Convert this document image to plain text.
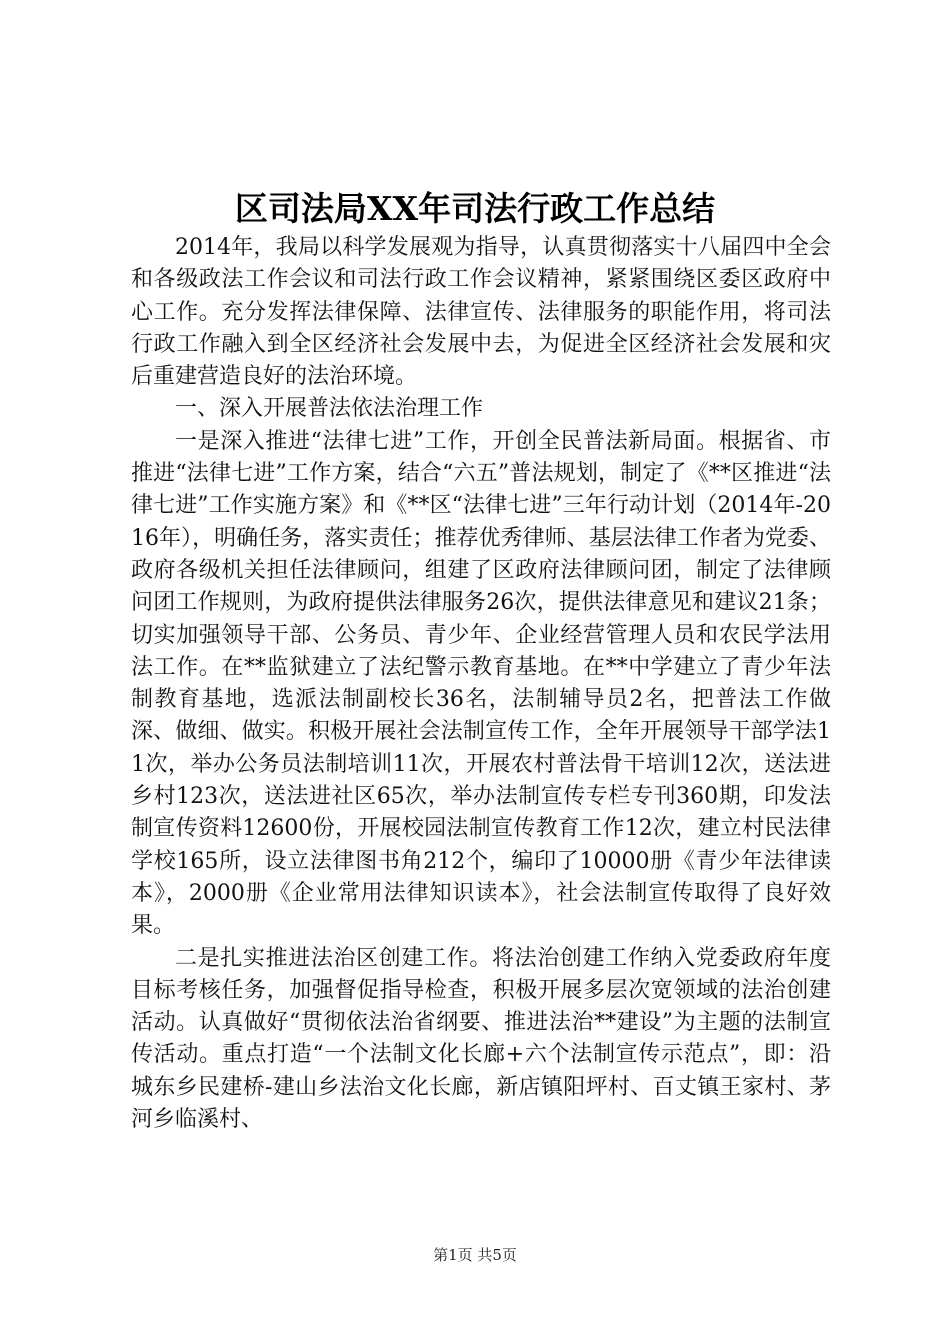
区司法局XX年司法行政工作总结

2014年，我局以科学发展观为指导，认真贯彻落实十八届四中全会和各级政法工作会议和司法行政工作会议精神，紧紧围绕区委区政府中心工作。充分发挥法律保障、法律宣传、法律服务的职能作用，将司法行政工作融入到全区经济社会发展中去，为促进全区经济社会发展和灾后重建营造良好的法治环境。

一、深入开展普法依法治理工作

一是深入推进“法律七进”工作，开创全民普法新局面。根据省、市推进“法律七进”工作方案，结合“六五”普法规划，制定了《**区推进“法律七进”工作实施方案》和《**区“法律七进”三年行动计划（2014年-2016年），明确任务，落实责任；推荐优秀律师、基层法律工作者为党委、政府各级机关担任法律顾问，组建了区政府法律顾问团，制定了法律顾问团工作规则，为政府提供法律服务26次，提供法律意见和建议21条；切实加强领导干部、公务员、青少年、企业经营管理人员和农民学法用法工作。在**监狱建立了法纪警示教育基地。在**中学建立了青少年法制教育基地，选派法制副校长36名，法制辅导员2名，把普法工作做深、做细、做实。积极开展社会法制宣传工作，全年开展领导干部学法11次，举办公务员法制培训11次，开展农村普法骨干培训12次，送法进乡村123次，送法进社区65次，举办法制宣传专栏专刊360期，印发法制宣传资料12600份，开展校园法制宣传教育工作12次，建立村民法律学校165所，设立法律图书角212个，编印了10000册《青少年法律读本》，2000册《企业常用法律知识读本》，社会法制宣传取得了良好效果。

二是扎实推进法治区创建工作。将法治创建工作纳入党委政府年度目标考核任务，加强督促指导检查，积极开展多层次宽领域的法治创建活动。认真做好“贯彻依法治省纲要、推进法治**建设”为主题的法制宣传活动。重点打造“一个法制文化长廊+六个法制宣传示范点”，即：沿城东乡民建桥-建山乡法治文化长廊，新店镇阳坪村、百丈镇王家村、茅河乡临溪村、

第1页 共5页
